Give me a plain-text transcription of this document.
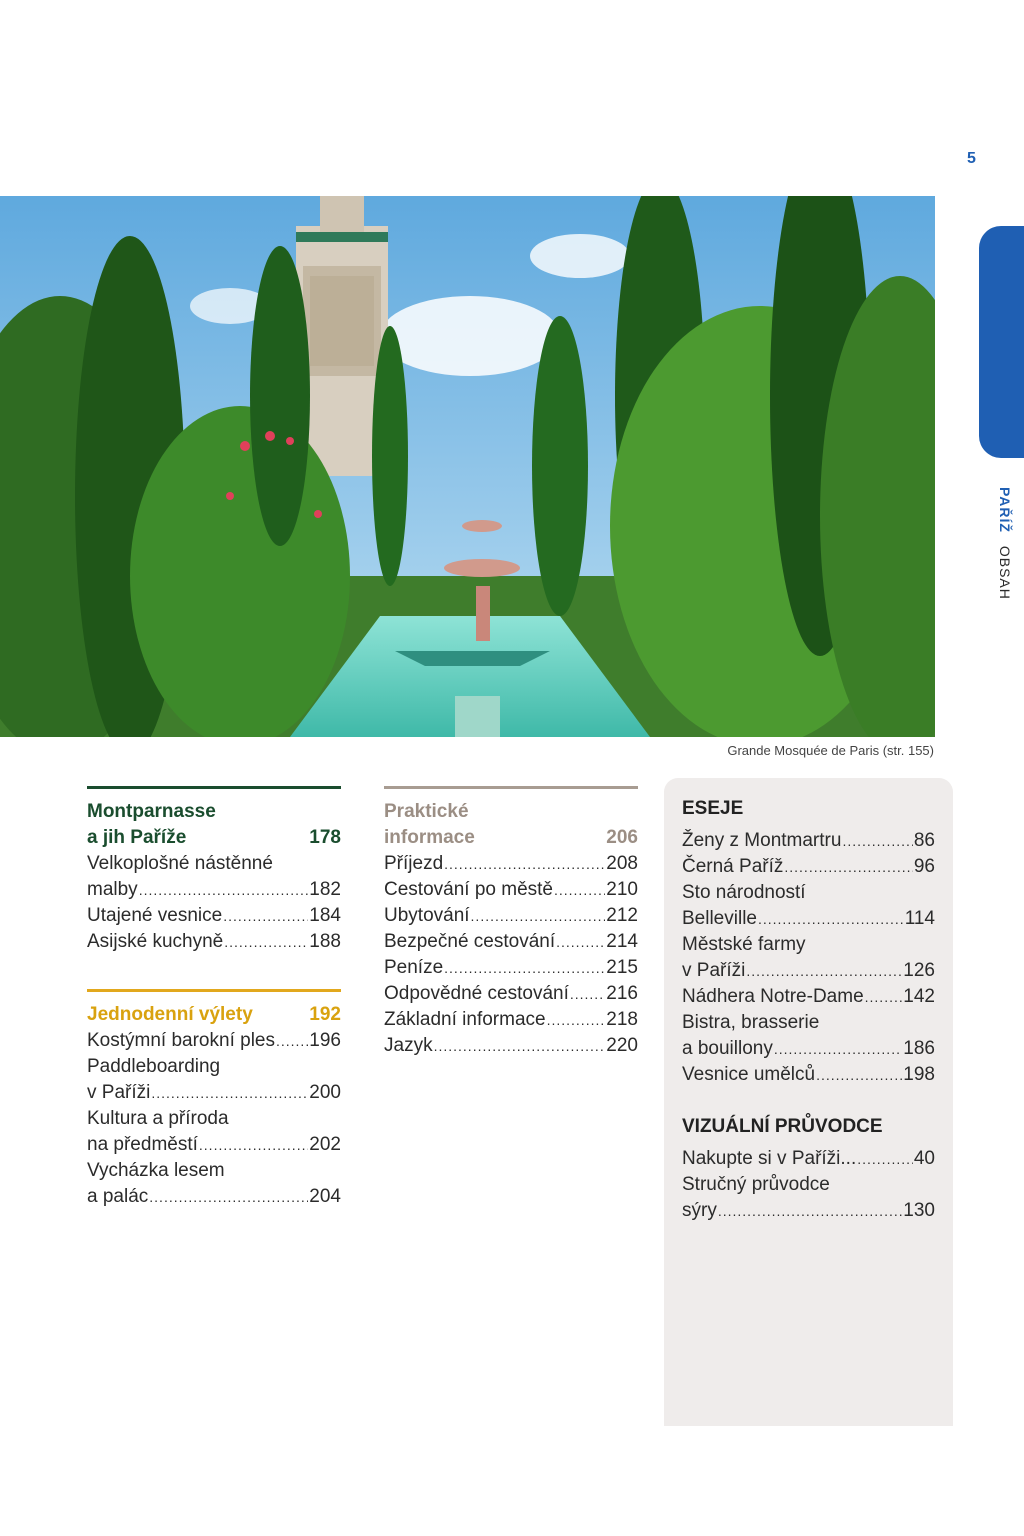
5
PAŘÍŽ OBSAH
Grande Mosquée de Paris (str. 155)
Montparnasse
a jih Paříže	178
Velkoplošné nástěnné
malby .....	182
Utajené vesnice .....	184
Asijské kuchyně .....	188
Jednodenní výlety	192
Kostýmní barokní ples ..... 196
Paddleboarding
v Paříži .....	200
Kultura a příroda
na předměstí .....	202
Vycházka lesem
a palác .....	204
Praktické
informace	206
Příjezd .....	208
Cestování po městě .....	210
Ubytování .....	212
Bezpečné cestování .....	214
Peníze .....	215
Odpovědné cestování ..... 216
Základní informace .....	218
Jazyk .....	220
ESEJE
Ženy z Montmartru .....	86
Černá Paříž .....	96
Sto národností
Belleville .....	114
Městské farmy
v Paříži .....	126
Nádhera Notre-Dame ..... 142
Bistra, brasserie
a bouillony .....	186
Vesnice umělců .....	198
VIZUÁLNÍ PRŮVODCE
Nakupte si v Paříži... .....	40
Stručný průvodce
sýry .....	130
